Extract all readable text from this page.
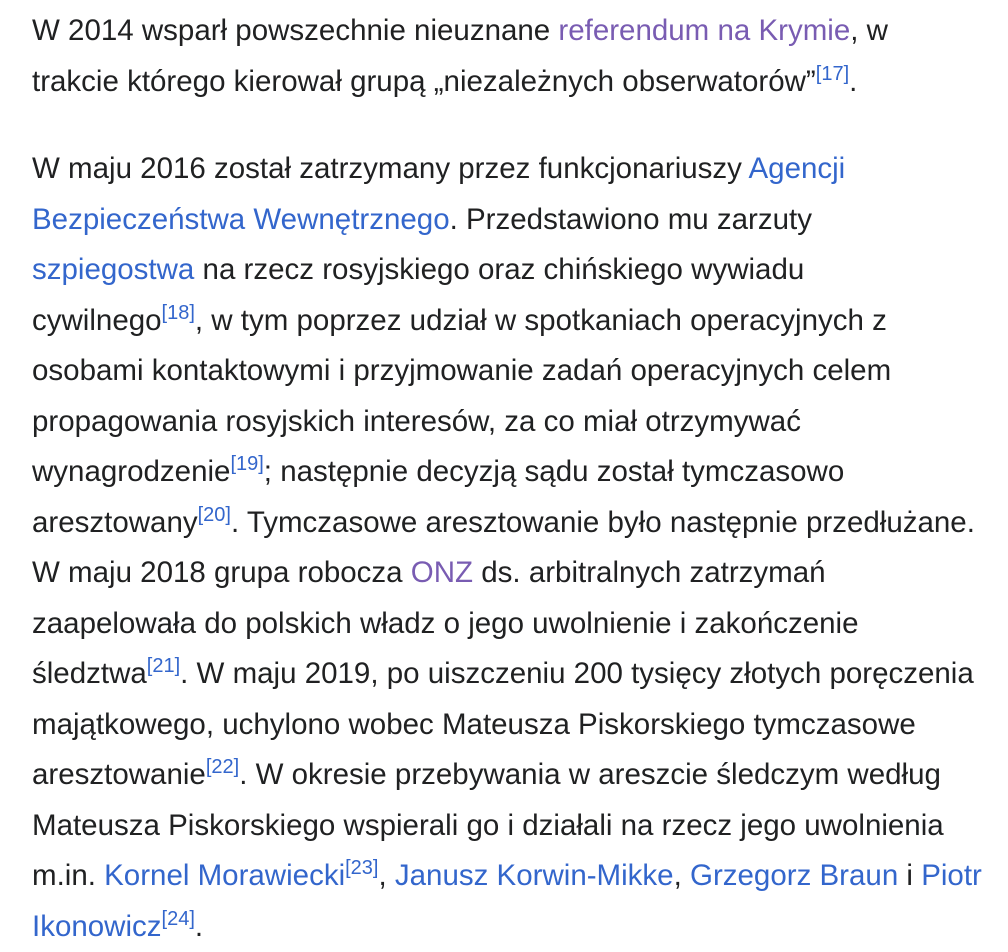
W 2014 wsparł powszechnie nieuznane referendum na Krymie, w trakcie którego kierował grupą „niezależnych obserwatorów”[17].

W maju 2016 został zatrzymany przez funkcjonariuszy Agencji Bezpieczeństwa Wewnętrznego. Przedstawiono mu zarzuty szpiegostwa na rzecz rosyjskiego oraz chińskiego wywiadu cywilnego[18], w tym poprzez udział w spotkaniach operacyjnych z osobami kontaktowymi i przyjmowanie zadań operacyjnych celem propagowania rosyjskich interesów, za co miał otrzymywać wynagrodzenie[19]; następnie decyzją sądu został tymczasowo aresztowany[20]. Tymczasowe aresztowanie było następnie przedłużane. W maju 2018 grupa robocza ONZ ds. arbitralnych zatrzymań zaapelowała do polskich władz o jego uwolnienie i zakończenie śledztwa[21]. W maju 2019, po uiszczeniu 200 tysięcy złotych poręczenia majątkowego, uchylono wobec Mateusza Piskorskiego tymczasowe aresztowanie[22]. W okresie przebywania w areszcie śledczym według Mateusza Piskorskiego wspierali go i działali na rzecz jego uwolnienia m.in. Kornel Morawiecki[23], Janusz Korwin-Mikke, Grzegorz Braun i Piotr Ikonowicz[24].
